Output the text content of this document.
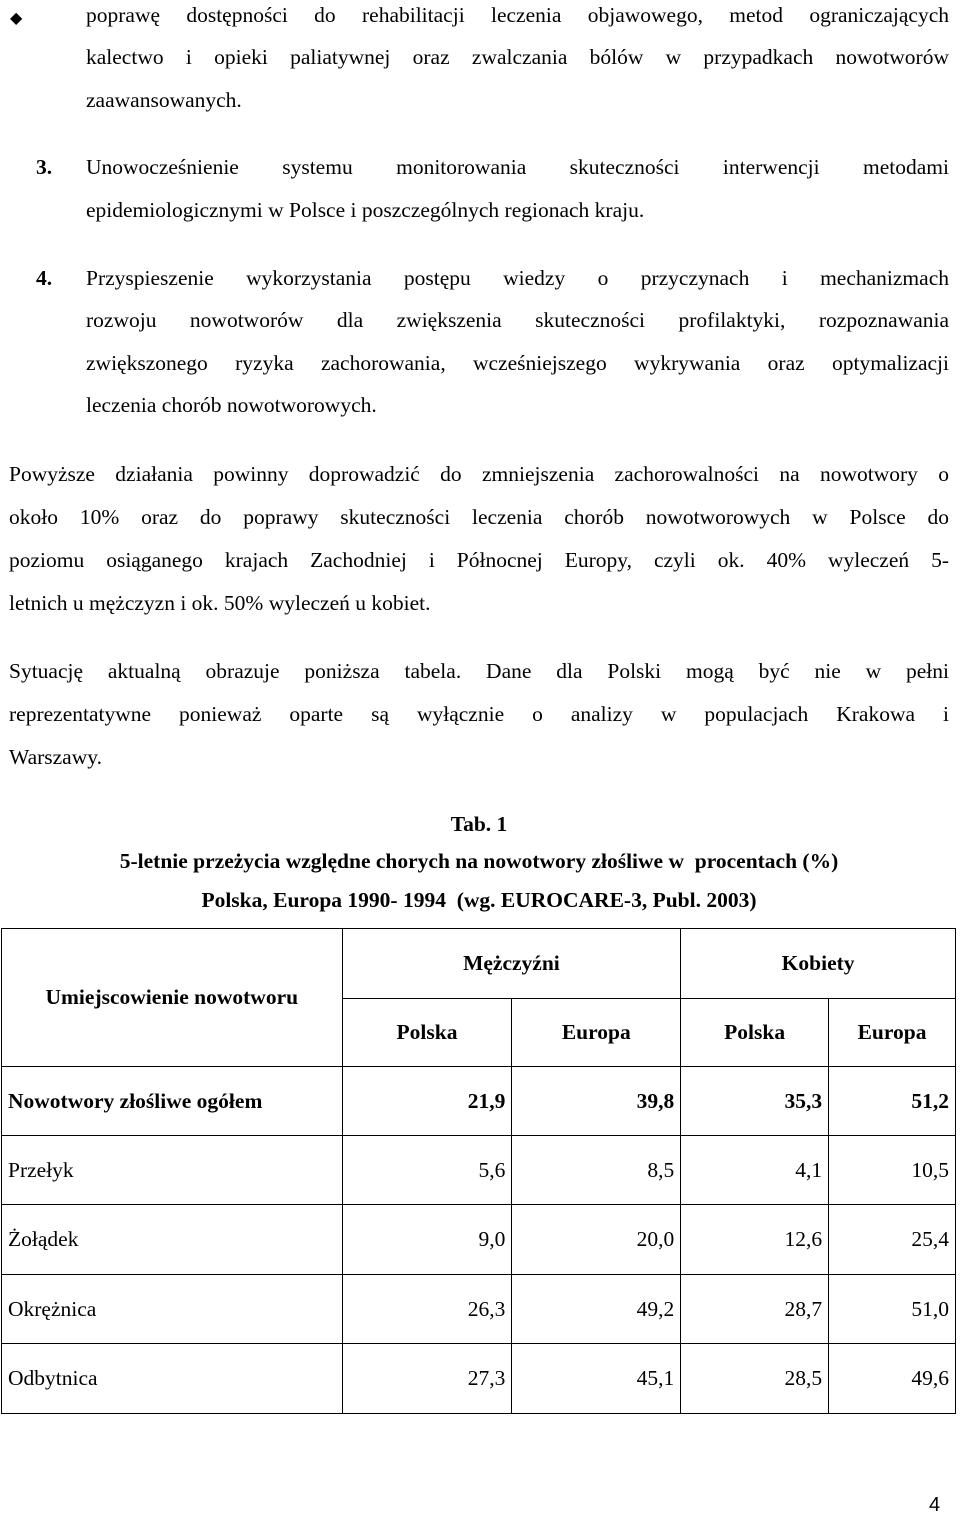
◆	poprawę dostępności do rehabilitacji leczenia objawowego, metod ograniczających
kalectwo i opieki paliatywnej oraz zwalczania bólów w przypadkach nowotworów
zaawansowanych.
3.	Unowocześnienie systemu monitorowania skuteczności interwencji metodami
epidemiologicznymi w Polsce i poszczególnych regionach kraju.
4.	Przyspieszenie wykorzystania postępu wiedzy o przyczynach i mechanizmach
rozwoju nowotworów dla zwiększenia skuteczności profilaktyki, rozpoznawania
zwiększonego ryzyka zachorowania, wcześniejszego wykrywania oraz optymalizacji
leczenia chorób nowotworowych.
Powyższe działania powinny doprowadzić do zmniejszenia zachorowalności na nowotwory o
około 10% oraz do poprawy skuteczności leczenia chorób nowotworowych w Polsce do
poziomu osiąganego krajach Zachodniej i Północnej Europy, czyli ok. 40% wyleczeń 5-
letnich u mężczyzn i ok. 50% wyleczeń u kobiet.
Sytuację aktualną obrazuje poniższa tabela. Dane dla Polski mogą być nie w pełni
reprezentatywne ponieważ oparte są wyłącznie o analizy w populacjach Krakowa i
Warszawy.
Tab. 1
5-letnie przeżycia względne chorych na nowotwory złośliwe w  procentach (%)
Polska, Europa 1990- 1994  (wg. EUROCARE-3, Publ. 2003)
Umiejscowienie nowotworu	Mężczyźni		Kobiety	
	Polska	Europa	Polska	Europa
Nowotwory złośliwe ogółem	21,9	39,8	35,3	51,2
Przełyk	5,6	8,5	4,1	10,5
Żołądek	9,0	20,0	12,6	25,4
Okrężnica	26,3	49,2	28,7	51,0
Odbytnica	27,3	45,1	28,5	49,6
4
